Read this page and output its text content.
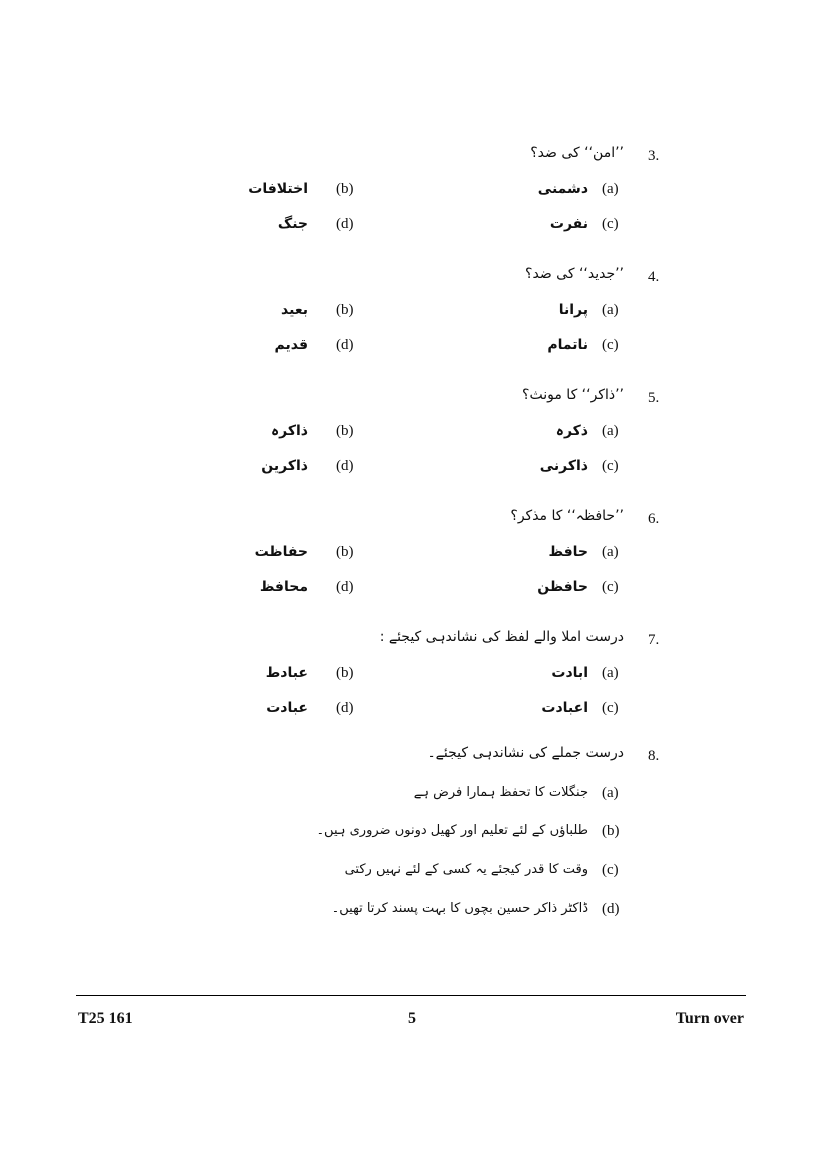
3.
’’امن‘‘ کی ضد؟
(a)
دشمنی
(b)
اختلافات
(c)
نفرت
(d)
جنگ
4.
’’جدید‘‘ کی ضد؟
(a)
پرانا
(b)
بعید
(c)
ناتمام
(d)
قدیم
5.
’’ذاکر‘‘ کا مونث؟
(a)
ذکرہ
(b)
ذاکرہ
(c)
ذاکرنی
(d)
ذاکرین
6.
’’حافظہ‘‘ کا مذکر؟
(a)
حافظ
(b)
حفاظت
(c)
حافظن
(d)
محافظ
7.
درست املا والے لفظ کی نشاندہی کیجئے :
(a)
ابادت
(b)
عبادط
(c)
اعبادت
(d)
عبادت
8.
درست جملے کی نشاندہی کیجئے۔
(a)
جنگلات کا تحفظ ہمارا فرض ہے
(b)
طلباؤں کے لئے تعلیم اور کھیل دونوں ضروری ہیں۔
(c)
وقت کا قدر کیجئے یہ کسی کے لئے نہیں رکتی
(d)
ڈاکٹر ذاکر حسین بچوں کا بہت پسند کرتا تھیں۔
T25 161	5	Turn over
